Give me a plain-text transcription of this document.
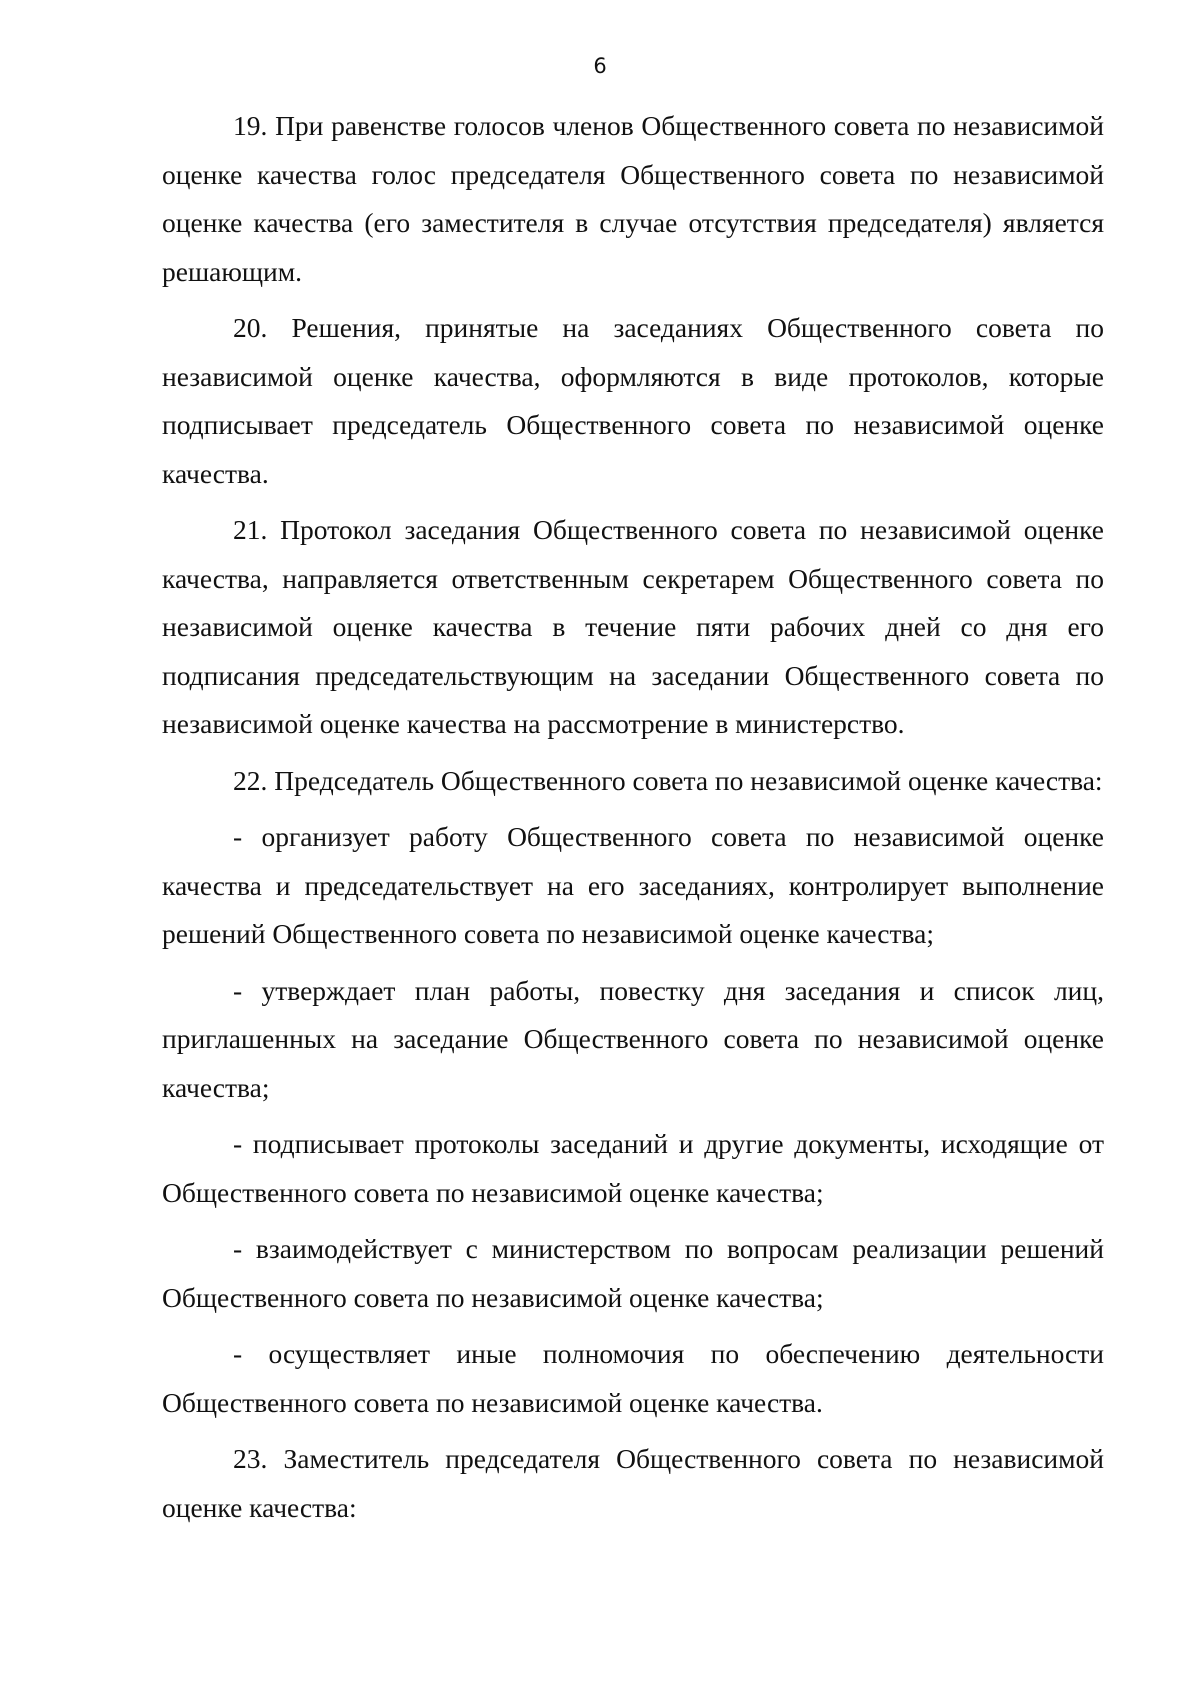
6

19. При равенстве голосов членов Общественного совета по независимой оценке качества голос председателя Общественного совета по независимой оценке качества (его заместителя в случае отсутствия председателя) является решающим.

20. Решения, принятые на заседаниях Общественного совета по независимой оценке качества, оформляются в виде протоколов, которые подписывает председатель Общественного совета по независимой оценке качества.

21. Протокол заседания Общественного совета по независимой оценке качества, направляется ответственным секретарем Общественного совета по независимой оценке качества в течение пяти рабочих дней со дня его подписания председательствующим на заседании Общественного совета по независимой оценке качества на рассмотрение в министерство.

22. Председатель Общественного совета по независимой оценке качества:

- организует работу Общественного совета по независимой оценке качества и председательствует на его заседаниях, контролирует выполнение решений Общественного совета по независимой оценке качества;

- утверждает план работы, повестку дня заседания и список лиц, приглашенных на заседание Общественного совета по независимой оценке качества;

- подписывает протоколы заседаний и другие документы, исходящие от Общественного совета по независимой оценке качества;

- взаимодействует с министерством по вопросам реализации решений Общественного совета по независимой оценке качества;

- осуществляет иные полномочия по обеспечению деятельности Общественного совета по независимой оценке качества.

23. Заместитель председателя Общественного совета по независимой оценке качества:
